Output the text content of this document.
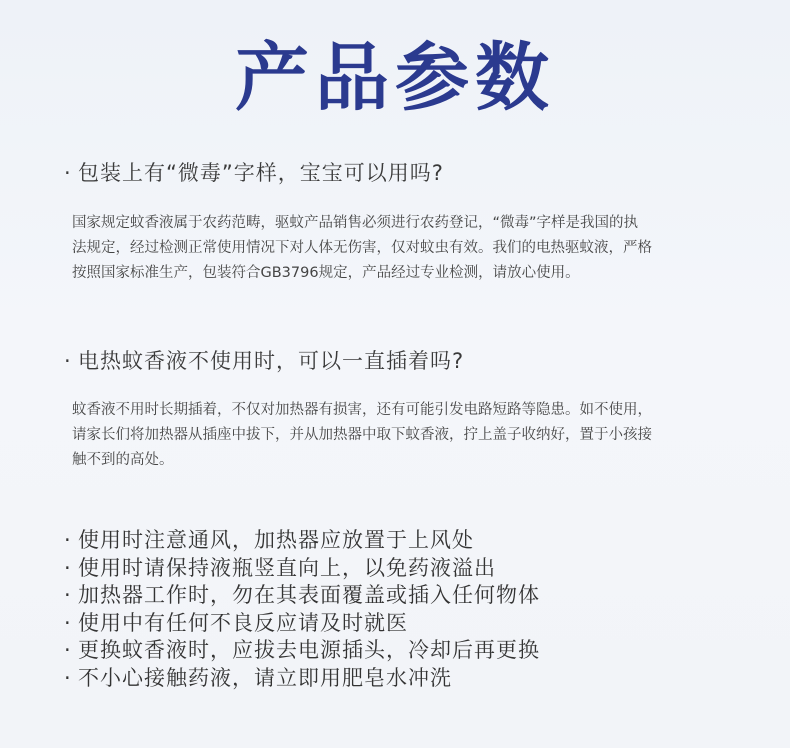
产品参数
· 包装上有“微毒”字样，宝宝可以用吗?
国家规定蚊香液属于农药范畴，驱蚊产品销售必须进行农药登记，“微毒”字样是我国的执
法规定，经过检测正常使用情况下对人体无伤害，仅对蚊虫有效。我们的电热驱蚊液，严格
按照国家标准生产，包装符合GB3796规定，产品经过专业检测，请放心使用。
· 电热蚊香液不使用时，可以一直插着吗?
蚊香液不用时长期插着，不仅对加热器有损害，还有可能引发电路短路等隐患。如不使用，
请家长们将加热器从插座中拔下，并从加热器中取下蚊香液，拧上盖子收纳好，置于小孩接
触不到的高处。
· 使用时注意通风，加热器应放置于上风处
· 使用时请保持液瓶竖直向上，以免药液溢出
· 加热器工作时，勿在其表面覆盖或插入任何物体
· 使用中有任何不良反应请及时就医
· 更换蚊香液时，应拔去电源插头，冷却后再更换
· 不小心接触药液，请立即用肥皂水冲洗
